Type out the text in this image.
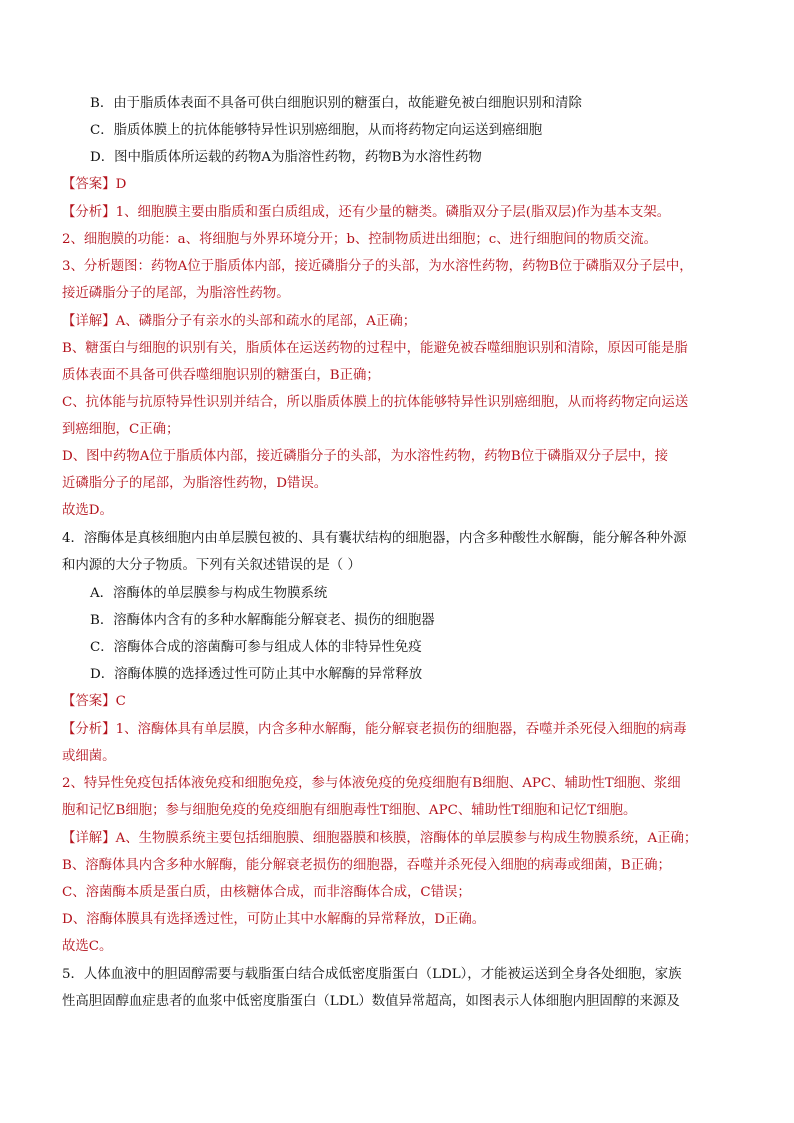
B．由于脂质体表面不具备可供白细胞识别的糖蛋白，故能避免被白细胞识别和清除
C．脂质体膜上的抗体能够特异性识别癌细胞，从而将药物定向运送到癌细胞
D．图中脂质体所运载的药物A为脂溶性药物，药物B为水溶性药物
【答案】D
【分析】1、细胞膜主要由脂质和蛋白质组成，还有少量的糖类。磷脂双分子层(脂双层)作为基本支架。
2、细胞膜的功能：a、将细胞与外界环境分开；b、控制物质进出细胞；c、进行细胞间的物质交流。
3、分析题图：药物A位于脂质体内部，接近磷脂分子的头部，为水溶性药物，药物B位于磷脂双分子层中，
接近磷脂分子的尾部，为脂溶性药物。
【详解】A、磷脂分子有亲水的头部和疏水的尾部，A正确；
B、糖蛋白与细胞的识别有关，脂质体在运送药物的过程中，能避免被吞噬细胞识别和清除，原因可能是脂
质体表面不具备可供吞噬细胞识别的糖蛋白，B正确；
C、抗体能与抗原特异性识别并结合，所以脂质体膜上的抗体能够特异性识别癌细胞，从而将药物定向运送
到癌细胞，C正确；
D、图中药物A位于脂质体内部，接近磷脂分子的头部，为水溶性药物，药物B位于磷脂双分子层中，接
近磷脂分子的尾部，为脂溶性药物，D错误。
故选D。
4．溶酶体是真核细胞内由单层膜包被的、具有囊状结构的细胞器，内含多种酸性水解酶，能分解各种外源
和内源的大分子物质。下列有关叙述错误的是（ ）
A．溶酶体的单层膜参与构成生物膜系统
B．溶酶体内含有的多种水解酶能分解衰老、损伤的细胞器
C．溶酶体合成的溶菌酶可参与组成人体的非特异性免疫
D．溶酶体膜的选择透过性可防止其中水解酶的异常释放
【答案】C
【分析】1、溶酶体具有单层膜，内含多种水解酶，能分解衰老损伤的细胞器，吞噬并杀死侵入细胞的病毒
或细菌。
2、特异性免疫包括体液免疫和细胞免疫，参与体液免疫的免疫细胞有B细胞、APC、辅助性T细胞、浆细
胞和记忆B细胞；参与细胞免疫的免疫细胞有细胞毒性T细胞、APC、辅助性T细胞和记忆T细胞。
【详解】A、生物膜系统主要包括细胞膜、细胞器膜和核膜，溶酶体的单层膜参与构成生物膜系统，A正确；
B、溶酶体具内含多种水解酶，能分解衰老损伤的细胞器，吞噬并杀死侵入细胞的病毒或细菌，B正确；
C、溶菌酶本质是蛋白质，由核糖体合成，而非溶酶体合成，C错误；
D、溶酶体膜具有选择透过性，可防止其中水解酶的异常释放，D正确。
故选C。
5．人体血液中的胆固醇需要与载脂蛋白结合成低密度脂蛋白（LDL），才能被运送到全身各处细胞，家族
性高胆固醇血症患者的血浆中低密度脂蛋白（LDL）数值异常超高，如图表示人体细胞内胆固醇的来源及
